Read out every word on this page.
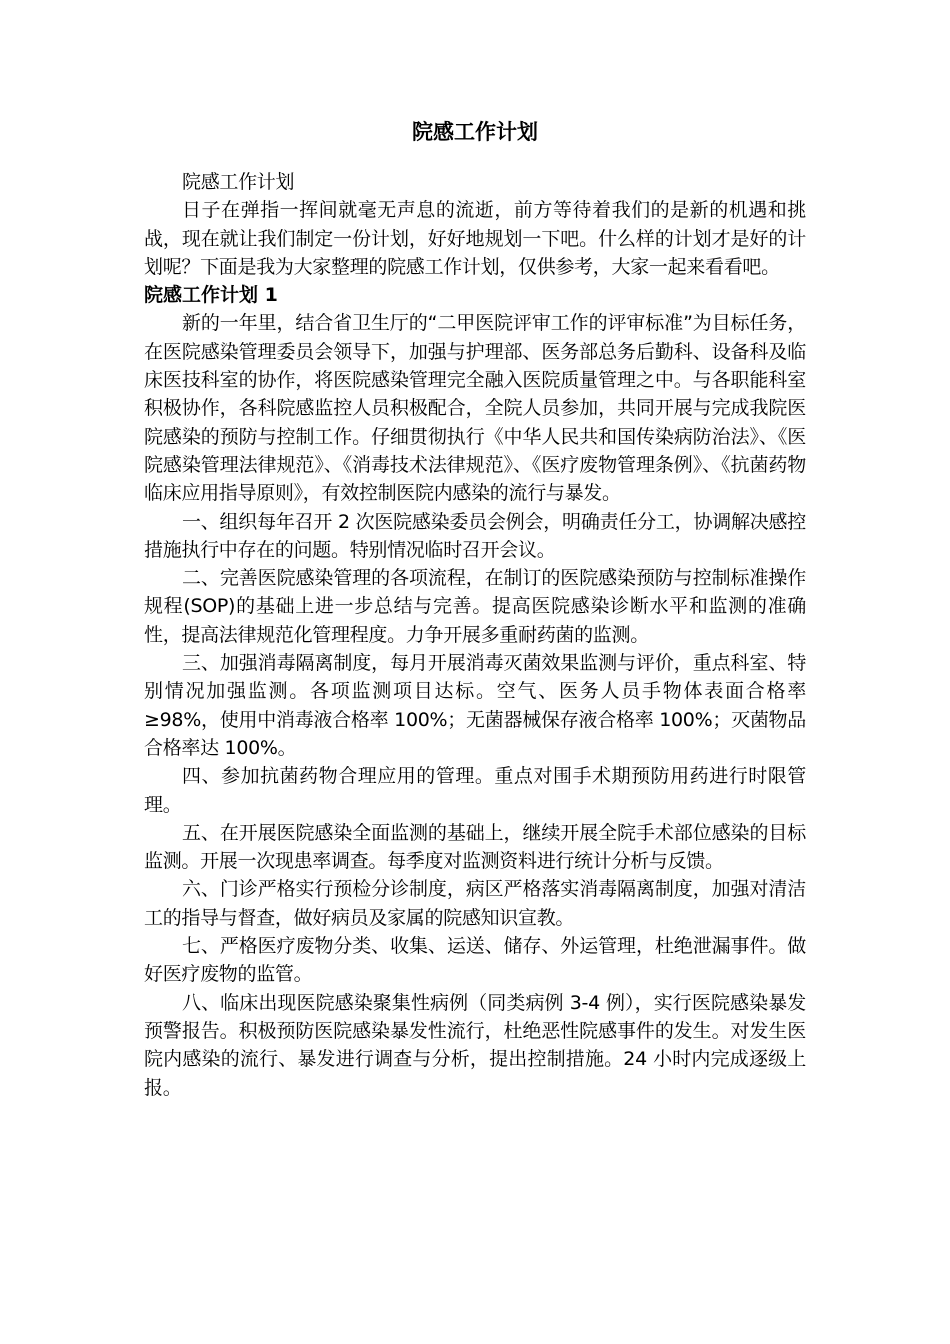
院感工作计划

院感工作计划

日子在弹指一挥间就毫无声息的流逝，前方等待着我们的是新的机遇和挑战，现在就让我们制定一份计划，好好地规划一下吧。什么样的计划才是好的计划呢？下面是我为大家整理的院感工作计划，仅供参考，大家一起来看看吧。

院感工作计划 1

新的一年里，结合省卫生厅的“二甲医院评审工作的评审标准”为目标任务，在医院感染管理委员会领导下，加强与护理部、医务部总务后勤科、设备科及临床医技科室的协作，将医院感染管理完全融入医院质量管理之中。与各职能科室积极协作，各科院感监控人员积极配合，全院人员参加，共同开展与完成我院医院感染的预防与控制工作。仔细贯彻执行《中华人民共和国传染病防治法》、《医院感染管理法律规范》、《消毒技术法律规范》、《医疗废物管理条例》、《抗菌药物临床应用指导原则》，有效控制医院内感染的流行与暴发。

一、组织每年召开 2 次医院感染委员会例会，明确责任分工，协调解决感控措施执行中存在的问题。特别情况临时召开会议。

二、完善医院感染管理的各项流程，在制订的医院感染预防与控制标准操作规程(SOP)的基础上进一步总结与完善。提高医院感染诊断水平和监测的准确性，提高法律规范化管理程度。力争开展多重耐药菌的监测。

三、加强消毒隔离制度，每月开展消毒灭菌效果监测与评价，重点科室、特别情况加强监测。各项监测项目达标。空气、医务人员手物体表面合格率≥98%，使用中消毒液合格率 100%；无菌器械保存液合格率 100%；灭菌物品合格率达 100%。

四、参加抗菌药物合理应用的管理。重点对围手术期预防用药进行时限管理。

五、在开展医院感染全面监测的基础上，继续开展全院手术部位感染的目标监测。开展一次现患率调查。每季度对监测资料进行统计分析与反馈。

六、门诊严格实行预检分诊制度，病区严格落实消毒隔离制度，加强对清洁工的指导与督查，做好病员及家属的院感知识宣教。

七、严格医疗废物分类、收集、运送、储存、外运管理，杜绝泄漏事件。做好医疗废物的监管。

八、临床出现医院感染聚集性病例（同类病例 3-4 例），实行医院感染暴发预警报告。积极预防医院感染暴发性流行，杜绝恶性院感事件的发生。对发生医院内感染的流行、暴发进行调查与分析，提出控制措施。24 小时内完成逐级上报。
